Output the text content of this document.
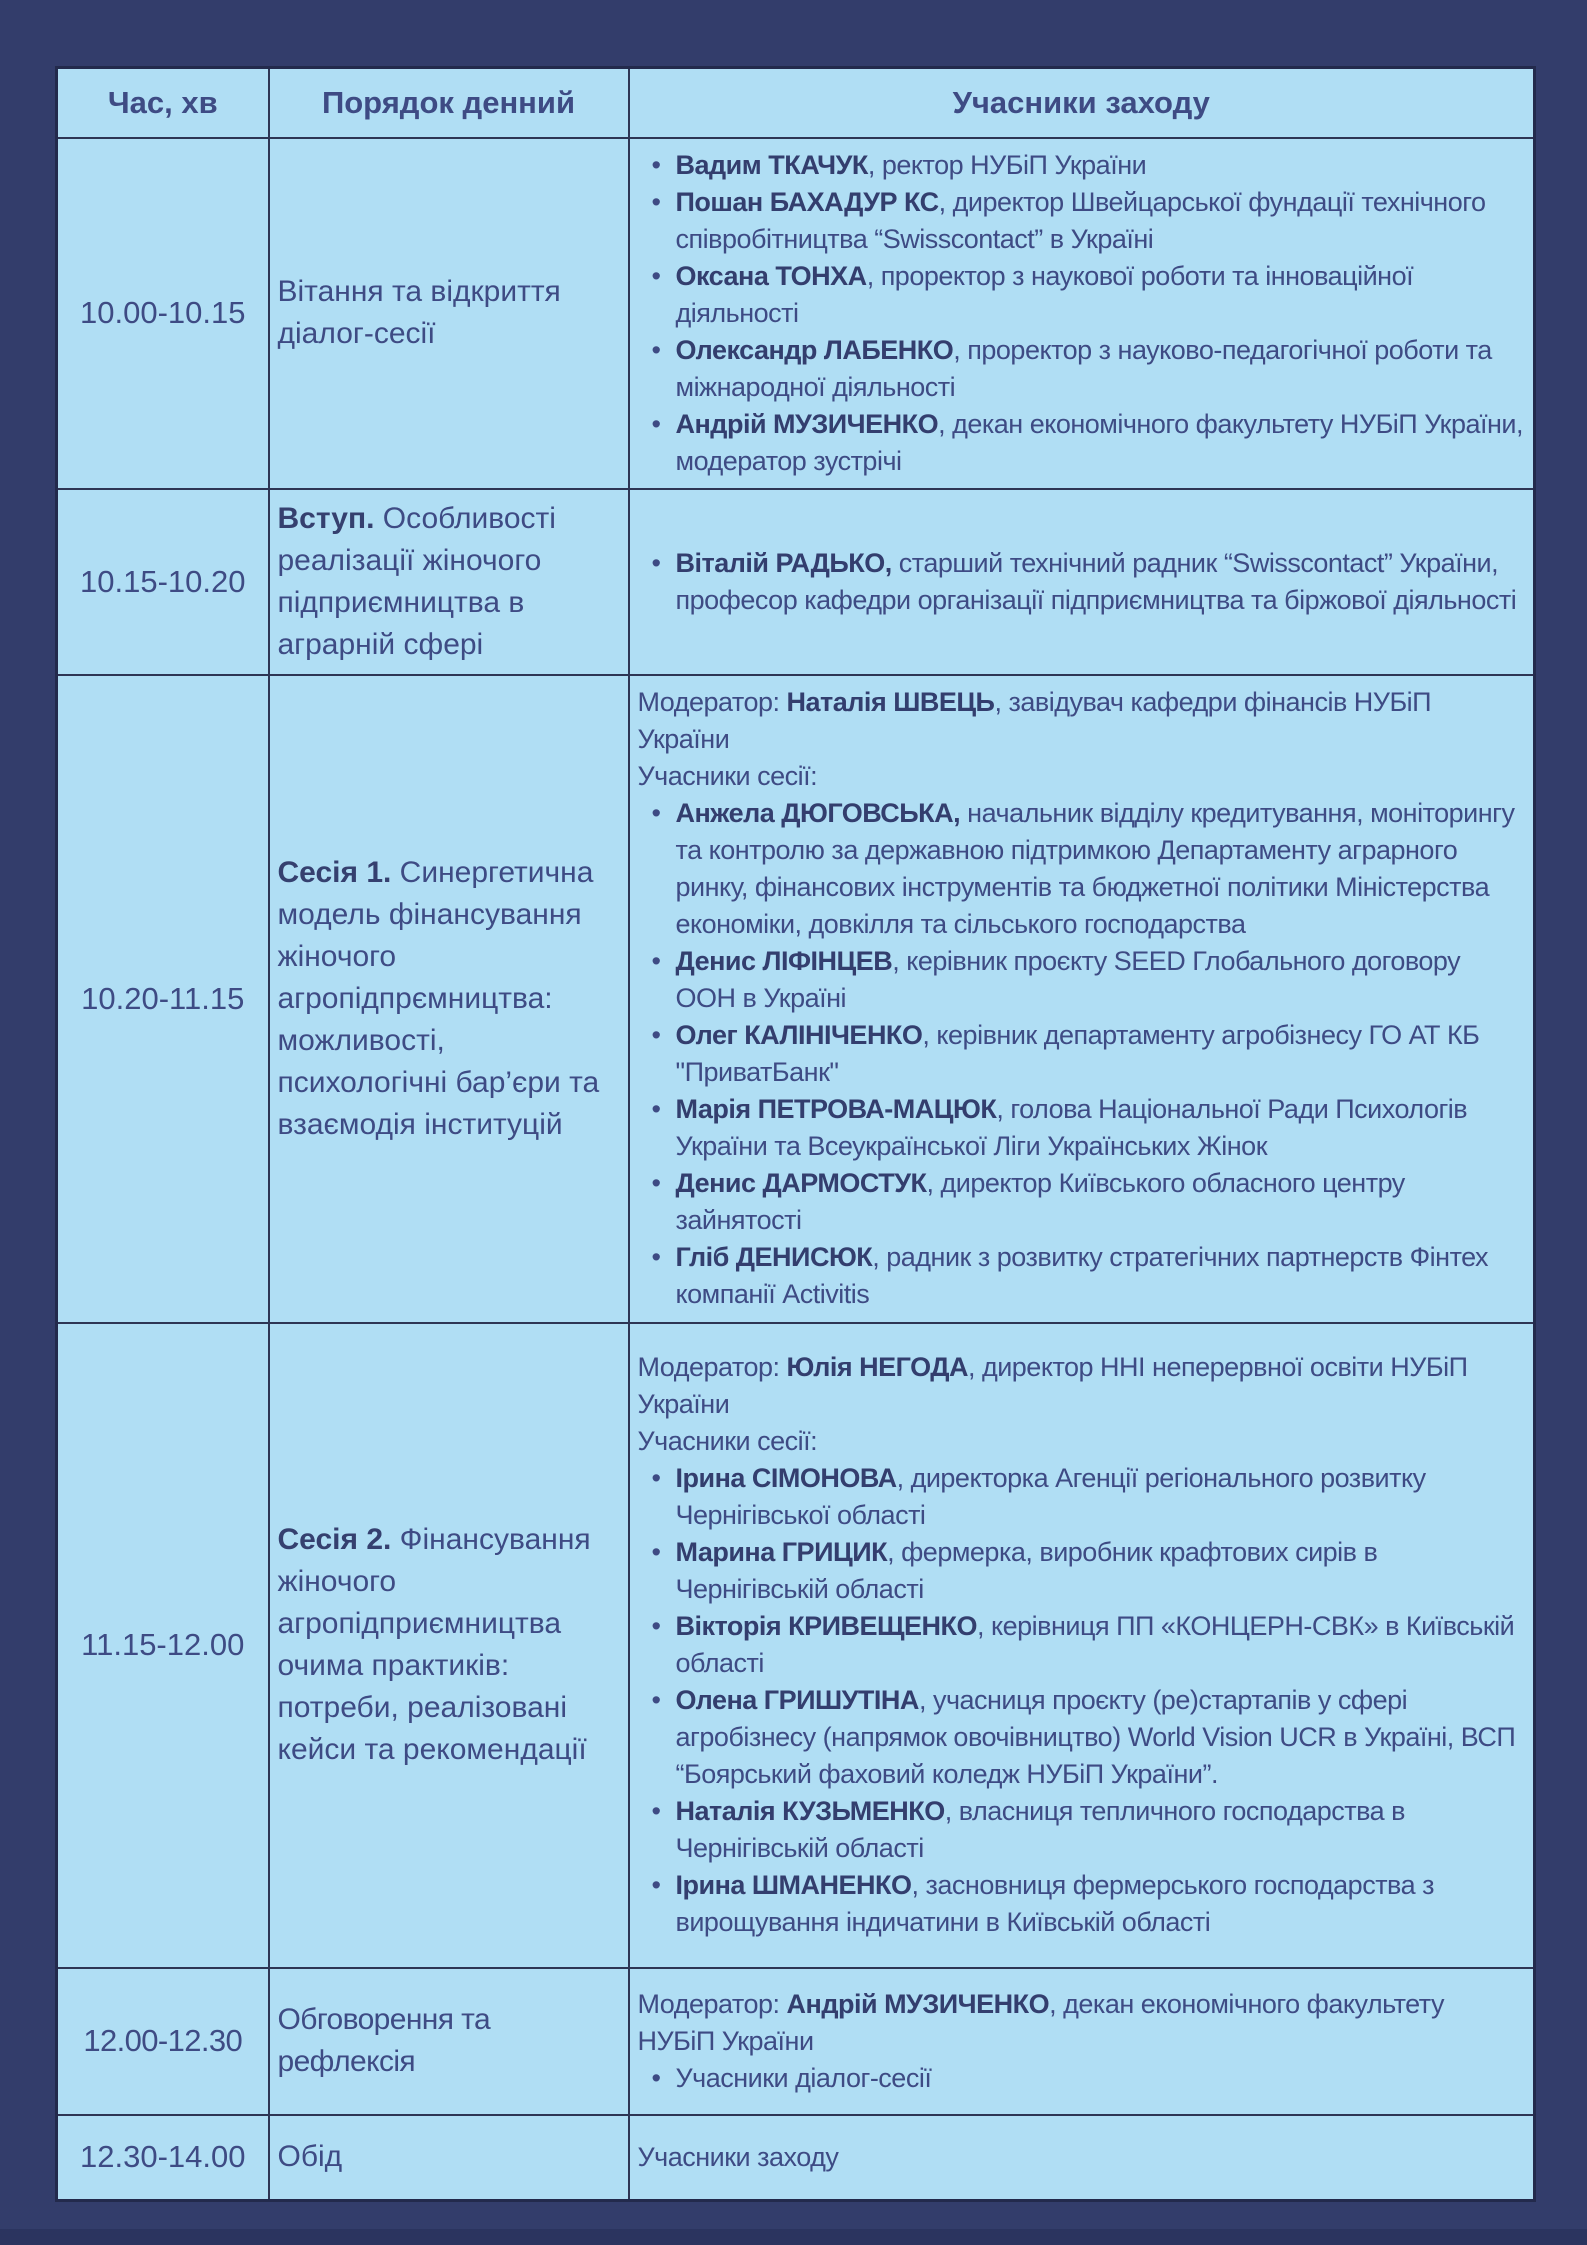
Час, хв	Порядок денний	Учасники заходу
10.00-10.15	Вітання та відкриття діалог-сесії	
• Вадим ТКАЧУК, ректор НУБіП України
• Пошан БАХАДУР КС, директор Швейцарської фундації технічного співробітництва “Swisscontact” в Україні
• Оксана ТОНХА, проректор з наукової роботи та інноваційної діяльності
• Олександр ЛАБЕНКО, проректор з науково-педагогічної роботи та міжнародної діяльності
• Андрій МУЗИЧЕНКО, декан економічного факультету НУБіП України, модератор зустрічі

10.15-10.20	Вступ. Особливості реалізації жіночого підприємництва в аграрній сфері	
• Віталій РАДЬКО, старший технічний радник “Swisscontact” України, професор кафедри організації підприємництва та біржової діяльності

10.20-11.15	Сесія 1. Синергетична модель фінансування жіночого агропідпрємництва: можливості, психологічні бар’єри та взаємодія інституцій	
Модератор: Наталія ШВЕЦЬ, завідувач кафедри фінансів НУБіП України
Учасники сесії:
• Анжела ДЮГОВСЬКА, начальник відділу кредитування, моніторингу та контролю за державною підтримкою Департаменту аграрного ринку, фінансових інструментів та бюджетної політики Міністерства економіки, довкілля та сільського господарства
• Денис ЛІФІНЦЕВ, керівник проєкту SEED Глобального договору ООН в Україні
• Олег КАЛІНІЧЕНКО, керівник департаменту агробізнесу ГО АТ КБ "ПриватБанк"
• Марія ПЕТРОВА-МАЦЮК, голова Національної Ради Психологів України та Всеукраїнської Ліги Українських Жінок
• Денис ДАРМОСТУК, директор Київського обласного центру зайнятості
• Гліб ДЕНИСЮК, радник з розвитку стратегічних партнерств Фінтех компанії Activitis

11.15-12.00	Сесія 2. Фінансування жіночого агропідприємництва очима практиків: потреби, реалізовані кейси та рекомендації	
Модератор: Юлія НЕГОДА, директор ННІ неперервної освіти НУБіП України
Учасники сесії:
• Ірина СІМОНОВА, директорка Агенції регіонального розвитку Чернігівської області
• Марина ГРИЦИК, фермерка, виробник крафтових сирів в Чернігівській області
• Вікторія КРИВЕЩЕНКО, керівниця ПП «КОНЦЕРН-СВК» в Київській області
• Олена ГРИШУТІНА, учасниця проєкту (ре)стартапів у сфері агробізнесу (напрямок овочівництво) World Vision UCR в Україні, ВСП “Боярський фаховий коледж НУБіП України”.
• Наталія КУЗЬМЕНКО, власниця тепличного господарства в Чернігівській області
• Ірина ШМАНЕНКО, засновниця фермерського господарства з вирощування індичатини в Київській області

12.00-12.30	Обговорення та рефлексія	
Модератор: Андрій МУЗИЧЕНКО, декан економічного факультету НУБіП України
• Учасники діалог-сесії

12.30-14.00	Обід	Учасники заходу
